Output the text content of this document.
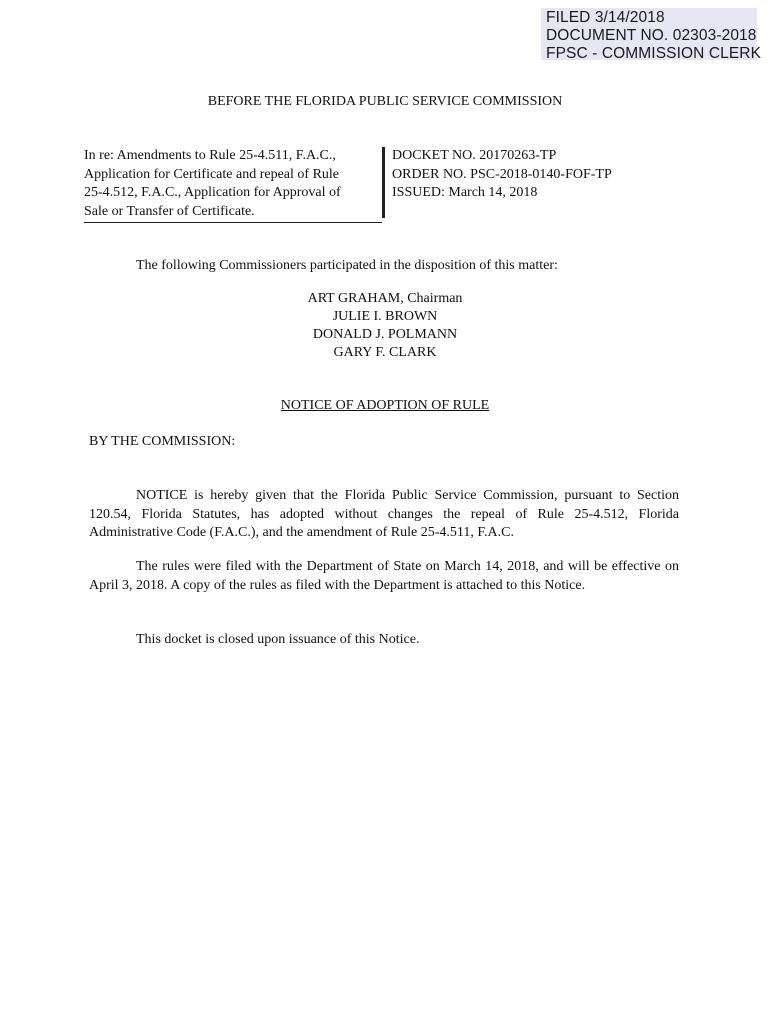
FILED 3/14/2018
DOCUMENT NO. 02303-2018
FPSC - COMMISSION CLERK
BEFORE THE FLORIDA PUBLIC SERVICE COMMISSION
In re: Amendments to Rule 25-4.511, F.A.C.,
Application for Certificate and repeal of Rule
25-4.512, F.A.C., Application for Approval of
Sale or Transfer of Certificate.
DOCKET NO. 20170263-TP
ORDER NO. PSC-2018-0140-FOF-TP
ISSUED: March 14, 2018
The following Commissioners participated in the disposition of this matter:
ART GRAHAM, Chairman
JULIE I. BROWN
DONALD J. POLMANN
GARY F. CLARK
NOTICE OF ADOPTION OF RULE
BY THE COMMISSION:
NOTICE is hereby given that the Florida Public Service Commission, pursuant to Section 120.54, Florida Statutes, has adopted without changes the repeal of Rule 25-4.512, Florida Administrative Code (F.A.C.), and the amendment of Rule 25-4.511, F.A.C.
The rules were filed with the Department of State on March 14, 2018, and will be effective on April 3, 2018. A copy of the rules as filed with the Department is attached to this Notice.
This docket is closed upon issuance of this Notice.
